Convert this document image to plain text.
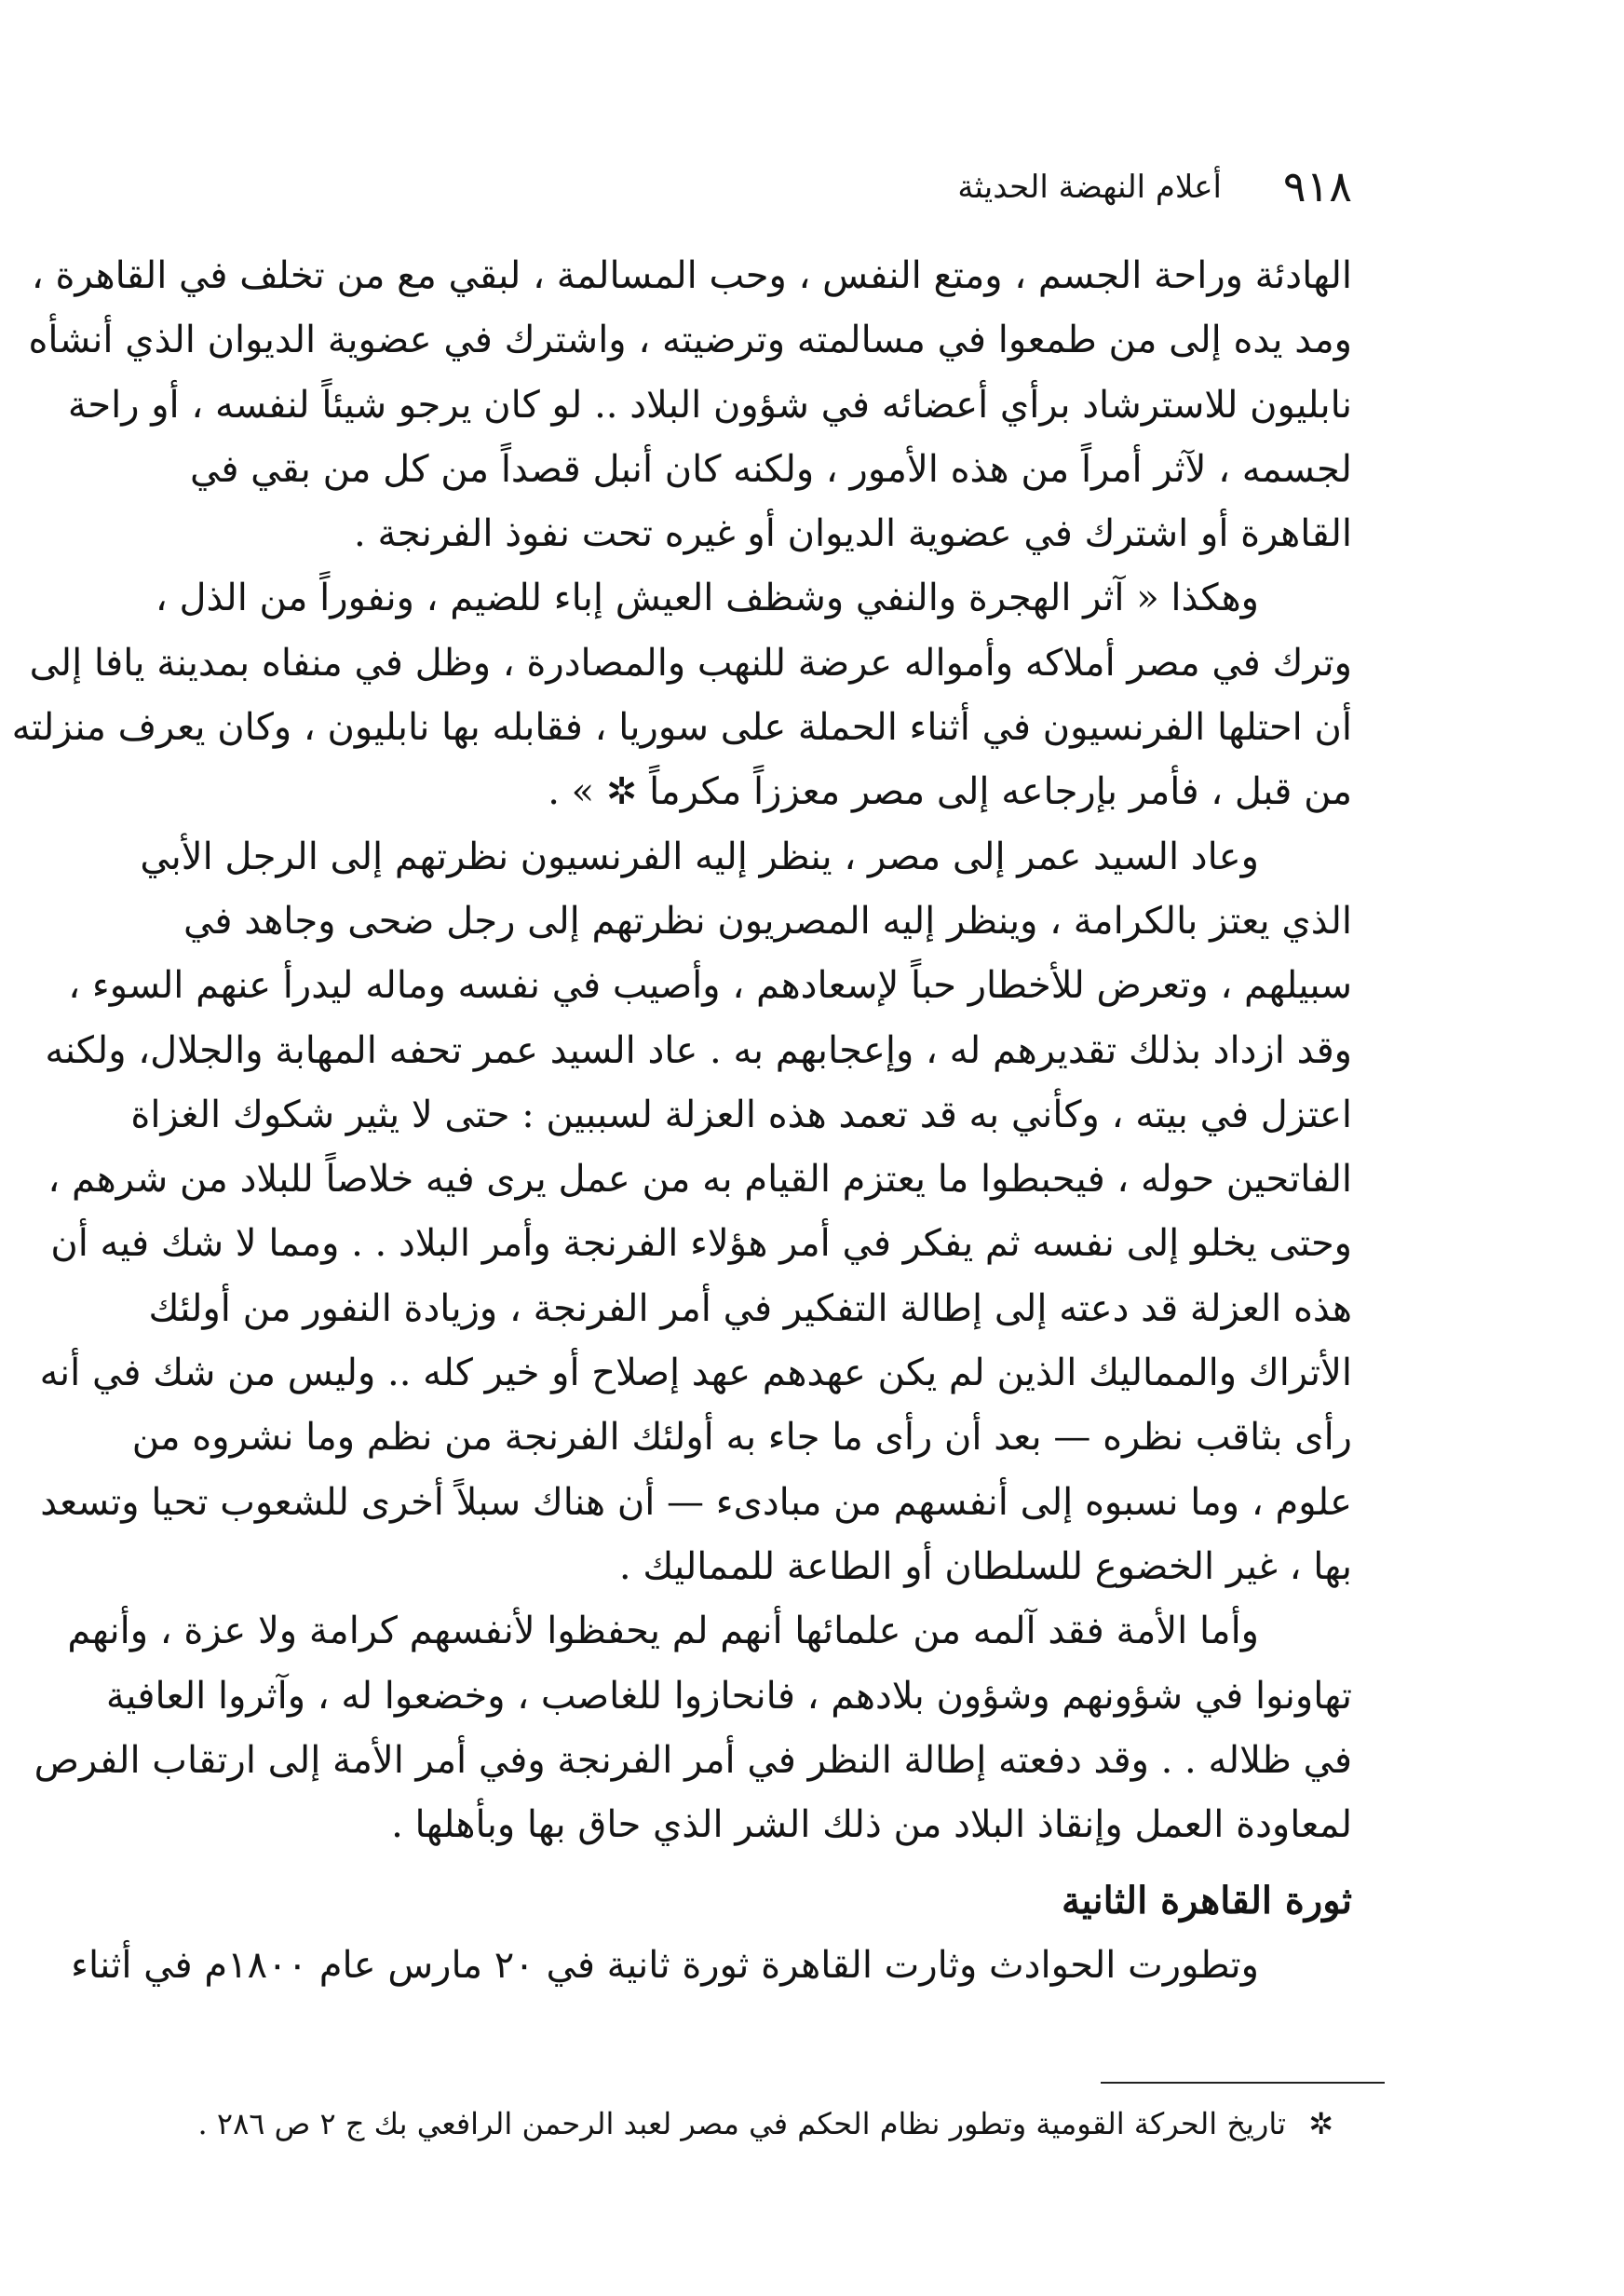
٩١٨
أعلام النهضة الحديثة
الهادئة وراحة الجسم ، ومتع النفس ، وحب المسالمة ، لبقي مع من تخلف في القاهرة ،
ومد يده إلى من طمعوا في مسالمته وترضيته ، واشترك في عضوية الديوان الذي أنشأه
نابليون للاسترشاد برأي أعضائه في شؤون البلاد .. لو كان يرجو شيئاً لنفسه ، أو راحة
لجسمه ، لآثر أمراً من هذه الأمور ، ولكنه كان أنبل قصداً من كل من بقي في
القاهرة أو اشترك في عضوية الديوان أو غيره تحت نفوذ الفرنجة .
وهكذا « آثر الهجرة والنفي وشظف العيش إباء للضيم ، ونفوراً من الذل ،
وترك في مصر أملاكه وأمواله عرضة للنهب والمصادرة ، وظل في منفاه بمدينة يافا إلى
أن احتلها الفرنسيون في أثناء الحملة على سوريا ، فقابله بها نابليون ، وكان يعرف منزلته
من قبل ، فأمر بإرجاعه إلى مصر معززاً مكرماً ✲ » .
وعاد السيد عمر إلى مصر ، ينظر إليه الفرنسيون نظرتهم إلى الرجل الأبي
الذي يعتز بالكرامة ، وينظر إليه المصريون نظرتهم إلى رجل ضحى وجاهد في
سبيلهم ، وتعرض للأخطار حباً لإسعادهم ، وأصيب في نفسه وماله ليدرأ عنهم السوء ،
وقد ازداد بذلك تقديرهم له ، وإعجابهم به . عاد السيد عمر تحفه المهابة والجلال، ولكنه
اعتزل في بيته ، وكأني به قد تعمد هذه العزلة لسببين : حتى لا يثير شكوك الغزاة
الفاتحين حوله ، فيحبطوا ما يعتزم القيام به من عمل يرى فيه خلاصاً للبلاد من شرهم ،
وحتى يخلو إلى نفسه ثم يفكر في أمر هؤلاء الفرنجة وأمر البلاد . . ومما لا شك فيه أن
هذه العزلة قد دعته إلى إطالة التفكير في أمر الفرنجة ، وزيادة النفور من أولئك
الأتراك والمماليك الذين لم يكن عهدهم عهد إصلاح أو خير كله .. وليس من شك في أنه
رأى بثاقب نظره — بعد أن رأى ما جاء به أولئك الفرنجة من نظم وما نشروه من
علوم ، وما نسبوه إلى أنفسهم من مبادىء — أن هناك سبلاً أخرى للشعوب تحيا وتسعد
بها ، غير الخضوع للسلطان أو الطاعة للمماليك .
وأما الأمة فقد آلمه من علمائها أنهم لم يحفظوا لأنفسهم كرامة ولا عزة ، وأنهم
تهاونوا في شؤونهم وشؤون بلادهم ، فانحازوا للغاصب ، وخضعوا له ، وآثروا العافية
في ظلاله . . وقد دفعته إطالة النظر في أمر الفرنجة وفي أمر الأمة إلى ارتقاب الفرص
لمعاودة العمل وإنقاذ البلاد من ذلك الشر الذي حاق بها وبأهلها .
ثورة القاهرة الثانية
وتطورت الحوادث وثارت القاهرة ثورة ثانية في ٢٠ مارس عام ١٨٠٠م في أثناء
✲ تاريخ الحركة القومية وتطور نظام الحكم في مصر لعبد الرحمن الرافعي بك ج ٢ ص ٢٨٦ .
